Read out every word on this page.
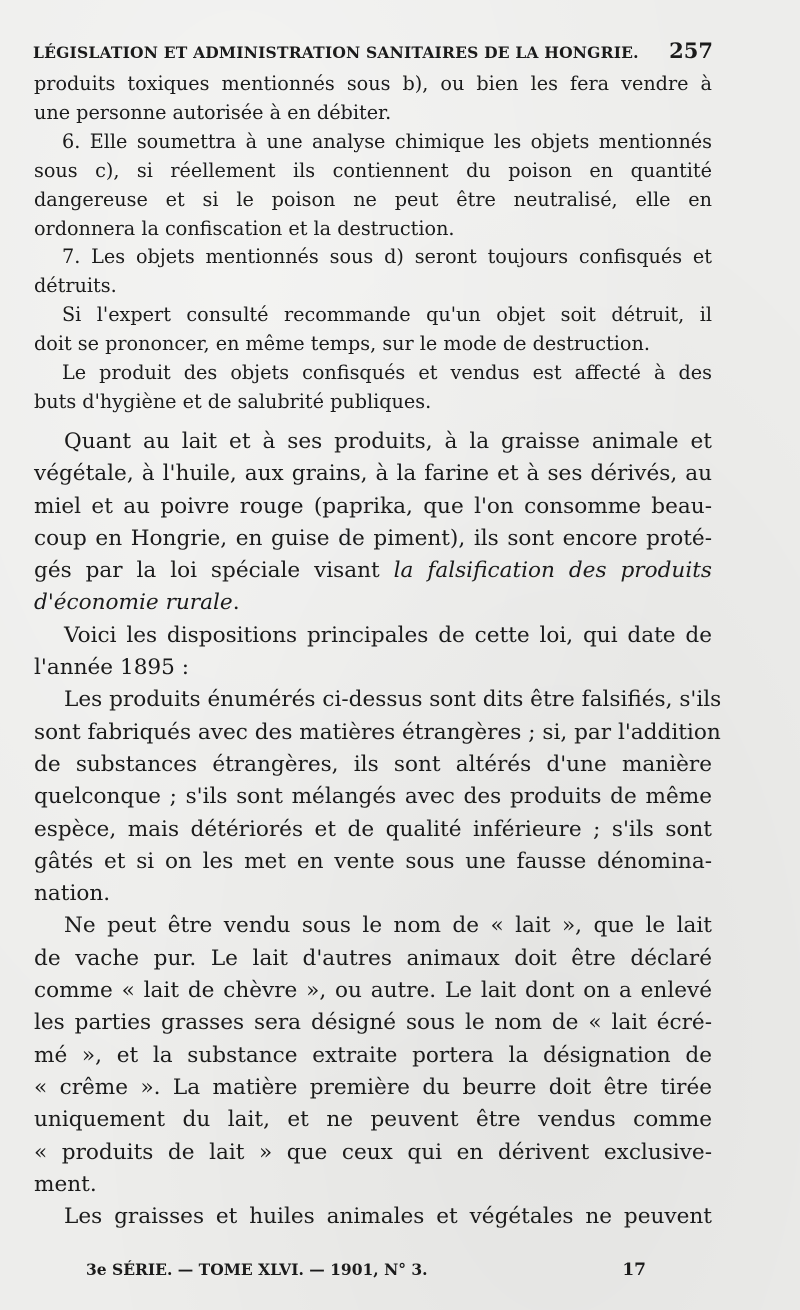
LÉGISLATION ET ADMINISTRATION SANITAIRES DE LA HONGRIE. 257

produits toxiques mentionnés sous b), ou bien les fera vendre à
une personne autorisée à en débiter.

6. Elle soumettra à une analyse chimique les objets mentionnés

sous c), si réellement ils contiennent du poison en quantité
dangereuse et si le poison ne peut être neutralisé, elle en
ordonnera la confiscation et la destruction.

7. Les objets mentionnés sous d) seront toujours confisqués et

détruits.

Si l'expert consulté recommande qu'un objet soit détruit, il

doit se prononcer, en même temps, sur le mode de destruction.

Le produit des objets confisqués et vendus est affecté à des

buts d'hygiène et de salubrité publiques.

Quant au lait et à ses produits, à la graisse animale et

végétale, à l'huile, aux grains, à la farine et à ses dérivés, au
miel et au poivre rouge (paprika, que l'on consomme beau-
coup en Hongrie, en guise de piment), ils sont encore proté-
gés par la loi spéciale visant la falsification des produits
d'économie rurale.

Voici les dispositions principales de cette loi, qui date de

l'année 1895 :

Les produits énumérés ci-dessus sont dits être falsifiés, s'ils

sont fabriqués avec des matières étrangères ; si, par l'addition
de substances étrangères, ils sont altérés d'une manière
quelconque ; s'ils sont mélangés avec des produits de même
espèce, mais détériorés et de qualité inférieure ; s'ils sont
gâtés et si on les met en vente sous une fausse dénomina-
nation.

Ne peut être vendu sous le nom de « lait », que le lait

de vache pur. Le lait d'autres animaux doit être déclaré
comme « lait de chèvre », ou autre. Le lait dont on a enlevé
les parties grasses sera désigné sous le nom de « lait écré-
mé », et la substance extraite portera la désignation de
« crême ». La matière première du beurre doit être tirée
uniquement du lait, et ne peuvent être vendus comme
« produits de lait » que ceux qui en dérivent exclusive-
ment.

Les graisses et huiles animales et végétales ne peuvent

3e SÉRIE. — TOME XLVI. — 1901, N° 3.	17
